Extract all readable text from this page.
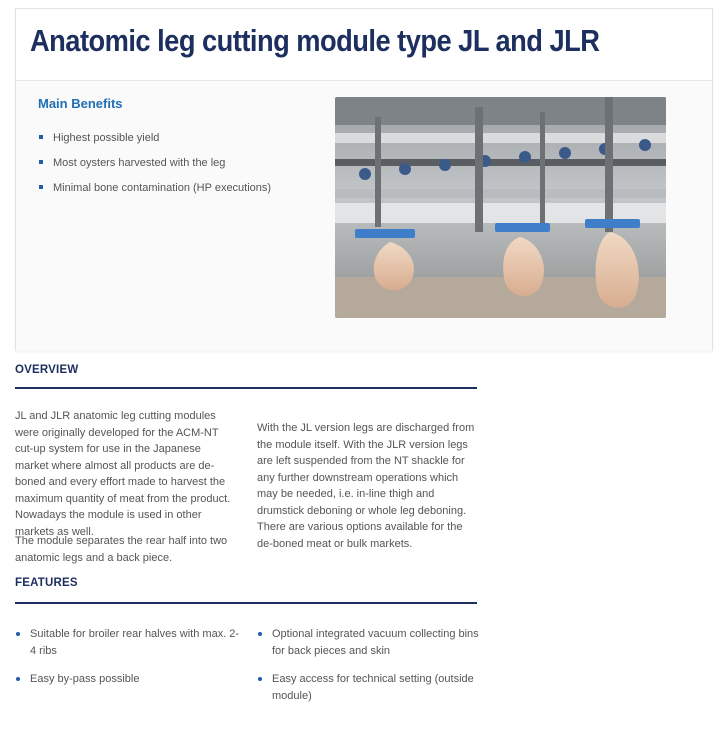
Anatomic leg cutting module type JL and JLR
Main Benefits
Highest possible yield
Most oysters harvested with the leg
Minimal bone contamination (HP executions)
OVERVIEW

JL and JLR anatomic leg cutting modules were originally developed for the ACM-NT cut-up system for use in the Japanese market where almost all products are de-boned and every effort made to harvest the maximum quantity of meat from the product. Nowadays the module is used in other markets as well.

The module separates the rear half into two anatomic legs and a back piece.

With the JL version legs are discharged from the module itself. With the JLR version legs are left suspended from the NT shackle for any further downstream operations which may be needed, i.e. in-line thigh and drumstick deboning or whole leg deboning. There are various options available for the de-boned meat or bulk markets.

FEATURES
Suitable for broiler rear halves with max. 2-4 ribs
Easy by-pass possible
Optional integrated vacuum collecting bins for back pieces and skin
Easy access for technical setting (outside module)
